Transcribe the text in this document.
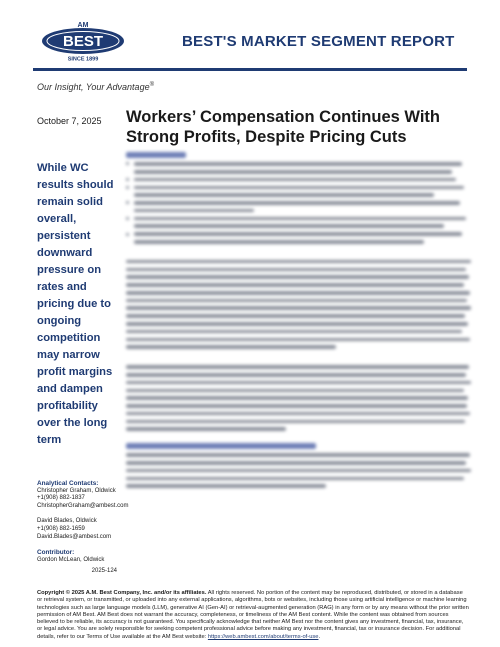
AM
BEST
SINCE 1899
BEST'S MARKET SEGMENT REPORT
Our Insight, Your Advantage®
October 7, 2025 Workers’ Compensation Continues With Strong Profits, Despite Pricing Cuts
While WC results should remain solid overall, persistent downward pressure on rates and pricing due to ongoing competition may narrow profit margins and dampen profitability over the long term
Analytical Contacts:
Christopher Graham, Oldwick
+1(908) 882-1837
ChristopherGraham@ambest.com
David Blades, Oldwick
+1(908) 882-1659
David.Blades@ambest.com
Contributor:
Gordon McLean, Oldwick
2025-124
Copyright © 2025 A.M. Best Company, Inc. and/or its affiliates. All rights reserved. No portion of the content may be reproduced, distributed, or stored in a database or retrieval system, or transmitted, or uploaded into any external applications, algorithms, bots or websites, including those using artificial intelligence or machine learning technologies such as large language models (LLM), generative AI (Gen-AI) or retrieval-augmented generation (RAG) in any form or by any means without the prior written permission of AM Best. AM Best does not warrant the accuracy, completeness, or timeliness of the AM Best content. While the content was obtained from sources believed to be reliable, its accuracy is not guaranteed. You specifically acknowledge that neither AM Best nor the content gives any investment, financial, tax, insurance, or legal advice. You are solely responsible for seeking competent professional advice before making any investment, financial, tax or insurance decision. For additional details, refer to our Terms of Use available at the AM Best website: https://web.ambest.com/about/terms-of-use.
